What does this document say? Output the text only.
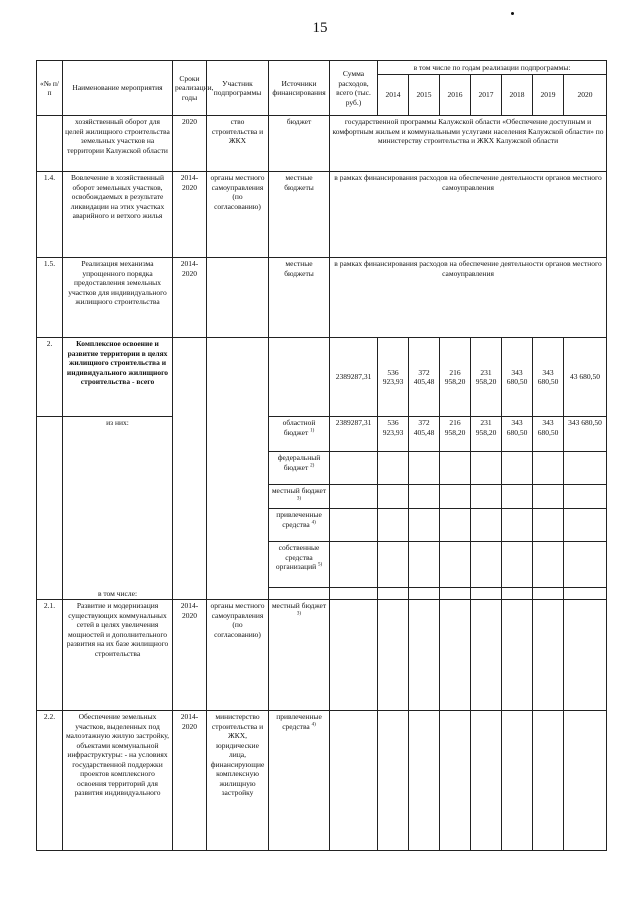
15
«№ п/п	Наименование мероприятия	Сроки реализации, годы	Участник подпрограммы	Источники финансирования	Сумма расходов, всего (тыс. руб.)	в том числе по годам реализации подпрограммы:						
						2014	2015	2016	2017	2018	2019	2020
	хозяйственный оборот для целей жилищного строительства земельных участков на территории Калужской области	2020	ство строительства и ЖКХ	бюджет	государственной программы Калужской области «Обеспечение доступным и комфортным жильем и коммунальными услугами населения Калужской области» по министерству строительства и ЖКХ Калужской области							
1.4.	Вовлечение в хозяйственный оборот земельных участков, освобождаемых в результате ликвидации на этих участках аварийного и ветхого жилья	2014-2020	органы местного самоуправления (по согласованию)	местные бюджеты	в рамках финансирования расходов на обеспечение деятельности органов местного самоуправления							
1.5.	Реализация механизма упрощенного порядка предоставления земельных участков для индивидуального жилищного строительства	2014-2020		местные бюджеты	в рамках финансирования расходов на обеспечение деятельности органов местного самоуправления							
2.	Комплексное освоение и развитие территории в целях жилищного строительства и индивидуального жилищного строительства - всего				2389287,31	536 923,93	372 405,48	216 958,20	231 958,20	343 680,50	343 680,50	43 680,50
	из них:			областной бюджет $^{1)}$	2389287,31	536 923,93	372 405,48	216 958,20	231 958,20	343 680,50	343 680,50	343 680,50
				федеральный бюджет $^{2)}$								
				местный бюджет $^{3)}$								
				привлеченные средства $^{4)}$								
				собственные средства организаций $^{5)}$								
	в том числе:											
2.1.	Развитие и модернизация существующих коммунальных сетей в целях увеличения мощностей и дополнительного развития на их базе жилищного строительства	2014-2020	органы местного самоуправления (по согласованию)	местный бюджет $^{3)}$								
2.2.	Обеспечение земельных участков, выделенных под малоэтажную жилую застройку, объектами коммунальной инфраструктуры: - на условиях государственной поддержки проектов комплексного освоения территорий для развития индивидуального	2014-2020	министерство строительства и ЖКХ, юридические лица, финансирующие комплексную жилищную застройку	привлеченные средства $^{4)}$								
